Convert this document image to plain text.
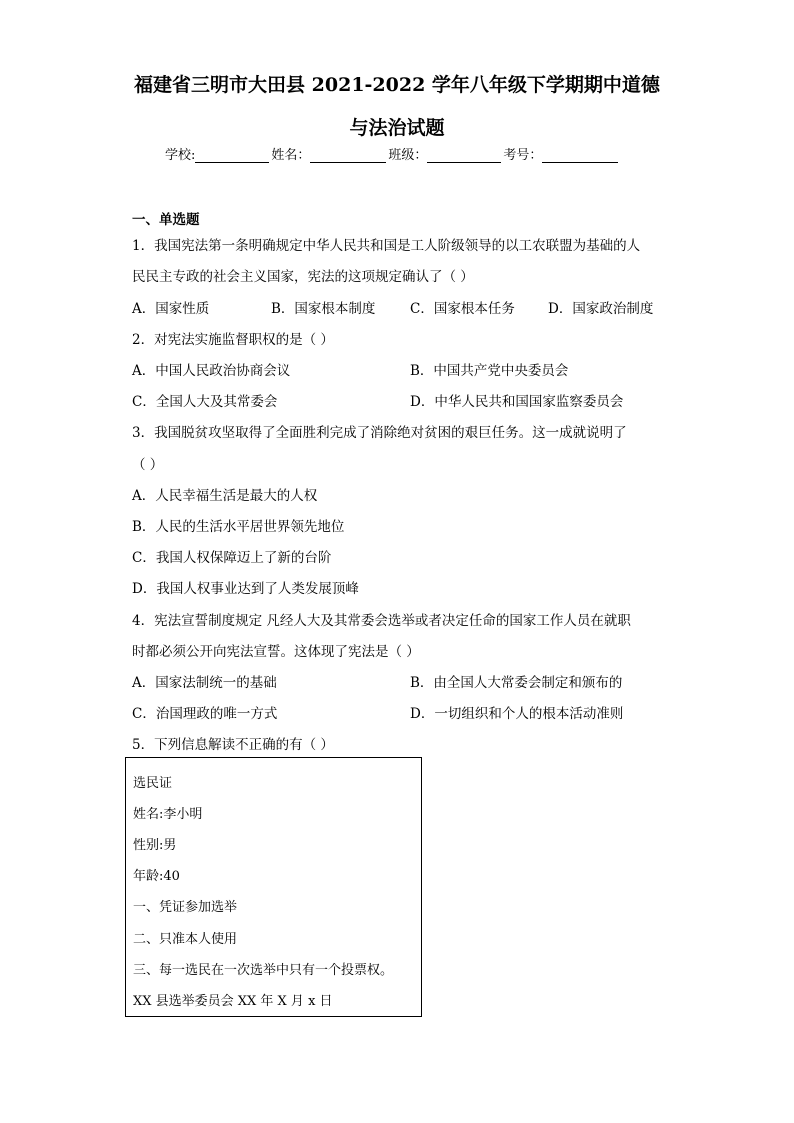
福建省三明市大田县 2021-2022 学年八年级下学期期中道德
与法治试题
学校:	姓名：	班级：	考号：
一、单选题
1．我国宪法第一条明确规定中华人民共和国是工人阶级领导的以工农联盟为基础的人
民民主专政的社会主义国家，宪法的这项规定确认了（ ）
A．国家性质	B．国家根本制度	C．国家根本任务 D．国家政治制度
2．对宪法实施监督职权的是（ ）
A．中国人民政治协商会议	B．中国共产党中央委员会
C．全国人大及其常委会	D．中华人民共和国国家监察委员会
3．我国脱贫攻坚取得了全面胜利完成了消除绝对贫困的艰巨任务。这一成就说明了
（ ）
A．人民幸福生活是最大的人权
B．人民的生活水平居世界领先地位
C．我国人权保障迈上了新的台阶
D．我国人权事业达到了人类发展顶峰
4．宪法宣誓制度规定 凡经人大及其常委会选举或者决定任命的国家工作人员在就职
时都必须公开向宪法宣誓。这体现了宪法是（ ）
A．国家法制统一的基础	B．由全国人大常委会制定和颁布的
C．治国理政的唯一方式	D．一切组织和个人的根本活动准则
5．下列信息解读不正确的有（ ）
选民证
姓名:李小明
性别:男
年龄:40
一、凭证参加选举
二、只准本人使用
三、每一选民在一次选举中只有一个投票权。
XX 县选举委员会 XX 年 X 月 x 日
